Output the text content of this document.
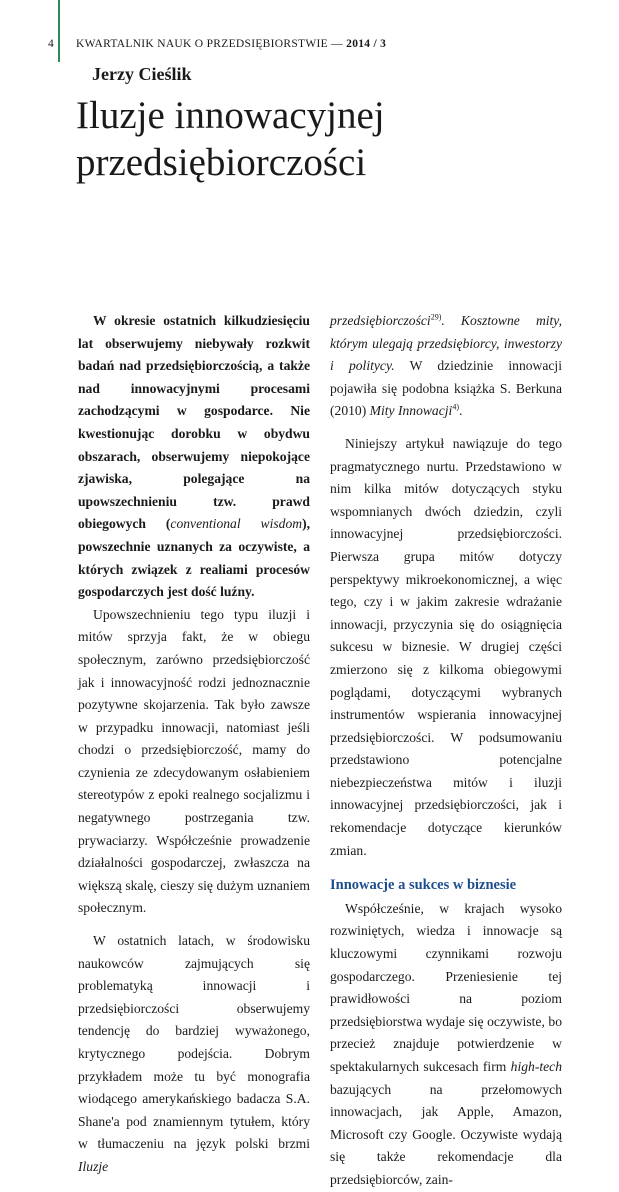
4 KWARTALNIK NAUK O PRZEDSIĘBIORSTWIE — 2014 / 3
Jerzy Cieślik
Iluzje innowacyjnej przedsiębiorczości

W okresie ostatnich kilkudziesięciu lat obserwujemy niebywały rozkwit badań nad przedsiębiorczością, a także nad innowacyjnymi procesami zachodzącymi w gospodarce. Nie kwestionując dorobku w obydwu obszarach, obserwujemy niepokojące zjawiska, polegające na upowszechnieniu tzw. prawd obiegowych (conventional wisdom), powszechnie uznanych za oczywiste, a których związek z realiami procesów gospodarczych jest dość luźny.

Upowszechnieniu tego typu iluzji i mitów sprzyja fakt, że w obiegu społecznym, zarówno przedsiębiorczość jak i innowacyjność rodzi jednoznacznie pozytywne skojarzenia. Tak było zawsze w przypadku innowacji, natomiast jeśli chodzi o przedsiębiorczość, mamy do czynienia ze zdecydowanym osłabieniem stereotypów z epoki realnego socjalizmu i negatywnego postrzegania tzw. prywaciarzy. Współcześnie prowadzenie działalności gospodarczej, zwłaszcza na większą skalę, cieszy się dużym uznaniem społecznym.

W ostatnich latach, w środowisku naukowców zajmujących się problematyką innowacji i przedsiębiorczości obserwujemy tendencję do bardziej wyważonego, krytycznego podejścia. Dobrym przykładem może tu być monografia wiodącego amerykańskiego badacza S.A. Shane'a pod znamiennym tytułem, który w tłumaczeniu na język polski brzmi Iluzje

przedsiębiorczości$^{29)}$. Kosztowne mity, którym ulegają przedsiębiorcy, inwestorzy i politycy. W dziedzinie innowacji pojawiła się podobna książka S. Berkuna (2010) Mity Innowacji$^{4)}$.

Niniejszy artykuł nawiązuje do tego pragmatycznego nurtu. Przedstawiono w nim kilka mitów dotyczących styku wspomnianych dwóch dziedzin, czyli innowacyjnej przedsiębiorczości. Pierwsza grupa mitów dotyczy perspektywy mikroekonomicznej, a więc tego, czy i w jakim zakresie wdrażanie innowacji, przyczynia się do osiągnięcia sukcesu w biznesie. W drugiej części zmierzono się z kilkoma obiegowymi poglądami, dotyczącymi wybranych instrumentów wspierania innowacyjnej przedsiębiorczości. W podsumowaniu przedstawiono potencjalne niebezpieczeństwa mitów i iluzji innowacyjnej przedsiębiorczości, jak i rekomendacje dotyczące kierunków zmian.

Innowacje a sukces w biznesie

Współcześnie, w krajach wysoko rozwiniętych, wiedza i innowacje są kluczowymi czynnikami rozwoju gospodarczego. Przeniesienie tej prawidłowości na poziom przedsiębiorstwa wydaje się oczywiste, bo przecież znajduje potwierdzenie w spektakularnych sukcesach firm high-tech bazujących na przełomowych innowacjach, jak Apple, Amazon, Microsoft czy Google. Oczywiste wydają się także rekomendacje dla przedsiębiorców, zain-
